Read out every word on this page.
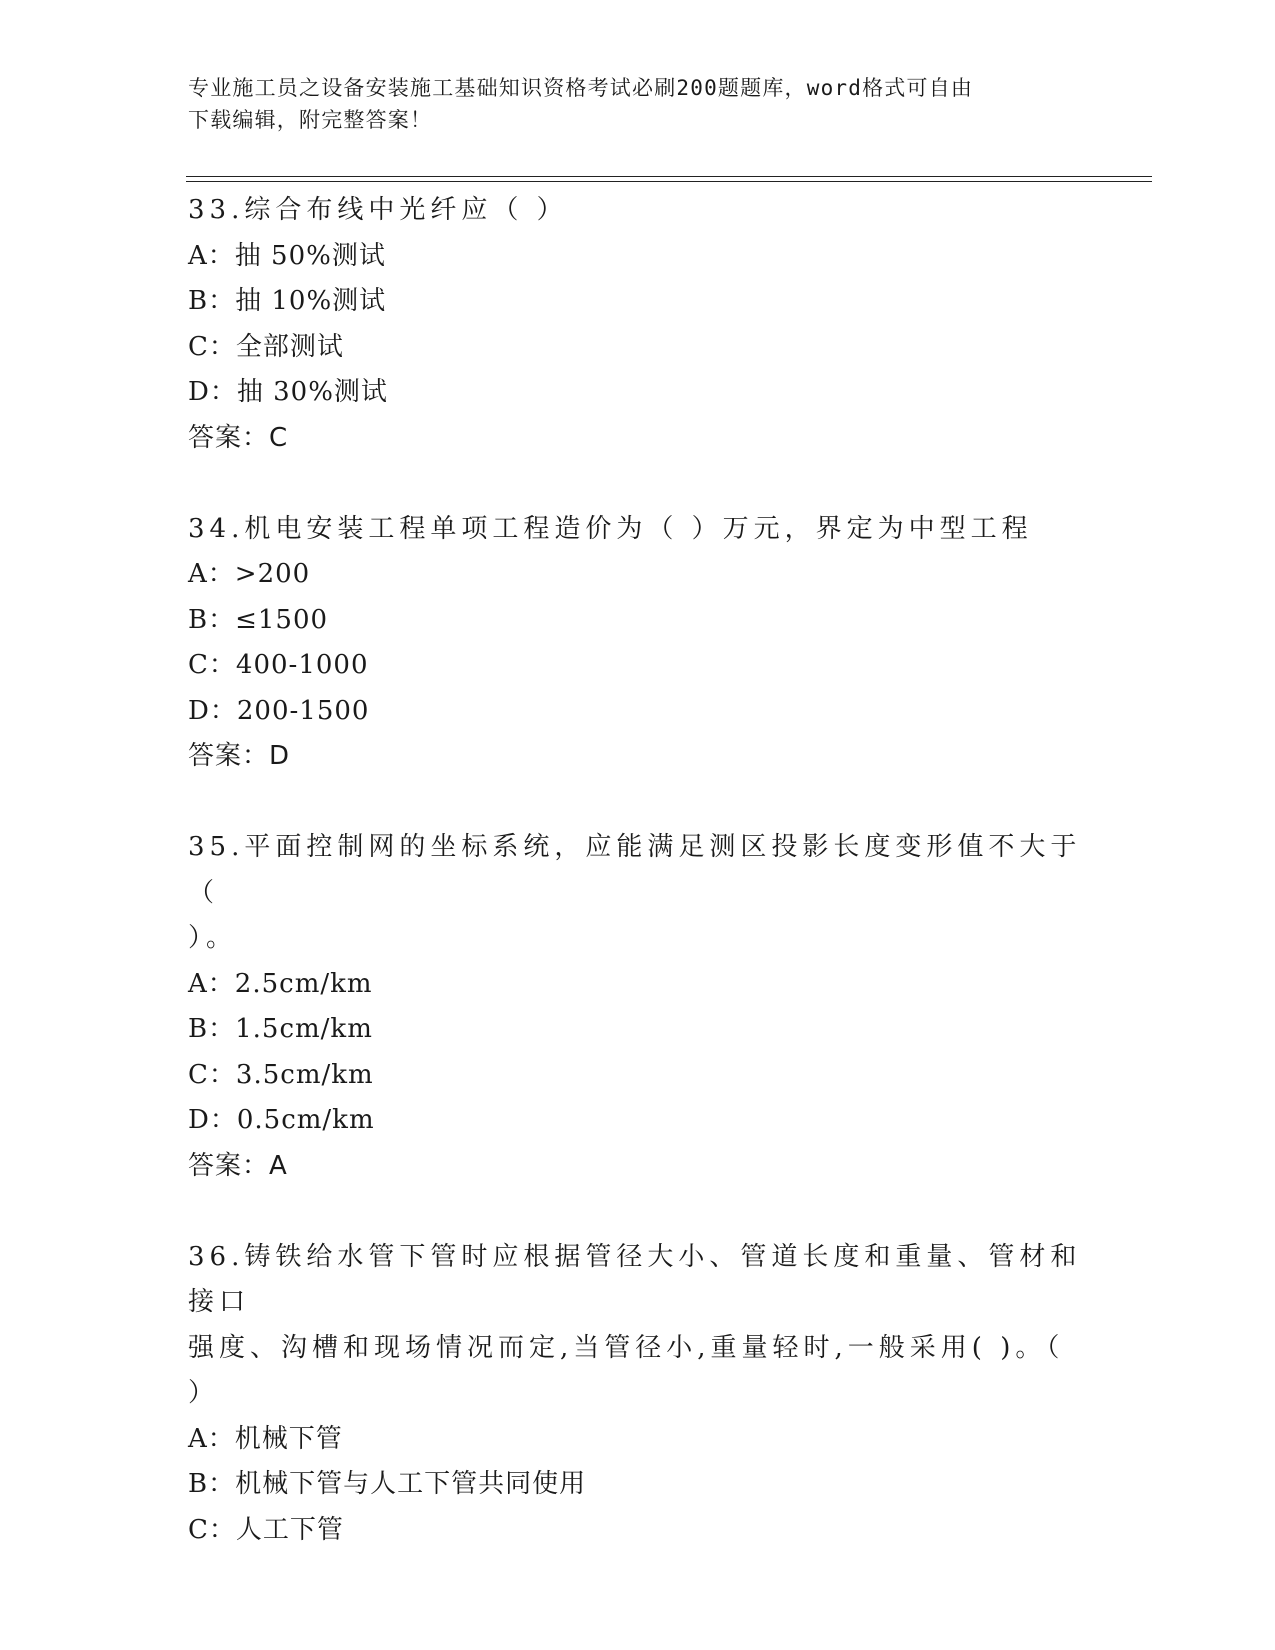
专业施工员之设备安装施工基础知识资格考试必刷200题题库，word格式可自由
下载编辑，附完整答案！
33.综合布线中光纤应（ ）
A：抽 50%测试
B：抽 10%测试
C：全部测试
D：抽 30%测试
答案：C
34.机电安装工程单项工程造价为（ ）万元，界定为中型工程
A：>200
B：≤1500
C：400-1000
D：200-1500
答案：D
35.平面控制网的坐标系统，应能满足测区投影长度变形值不大于（
）。
A：2.5cm/km
B：1.5cm/km
C：3.5cm/km
D：0.5cm/km
答案：A
36.铸铁给水管下管时应根据管径大小、管道长度和重量、管材和接口
强度、沟槽和现场情况而定,当管径小,重量轻时,一般采用( )。（
）
A：机械下管
B：机械下管与人工下管共同使用
C：人工下管
